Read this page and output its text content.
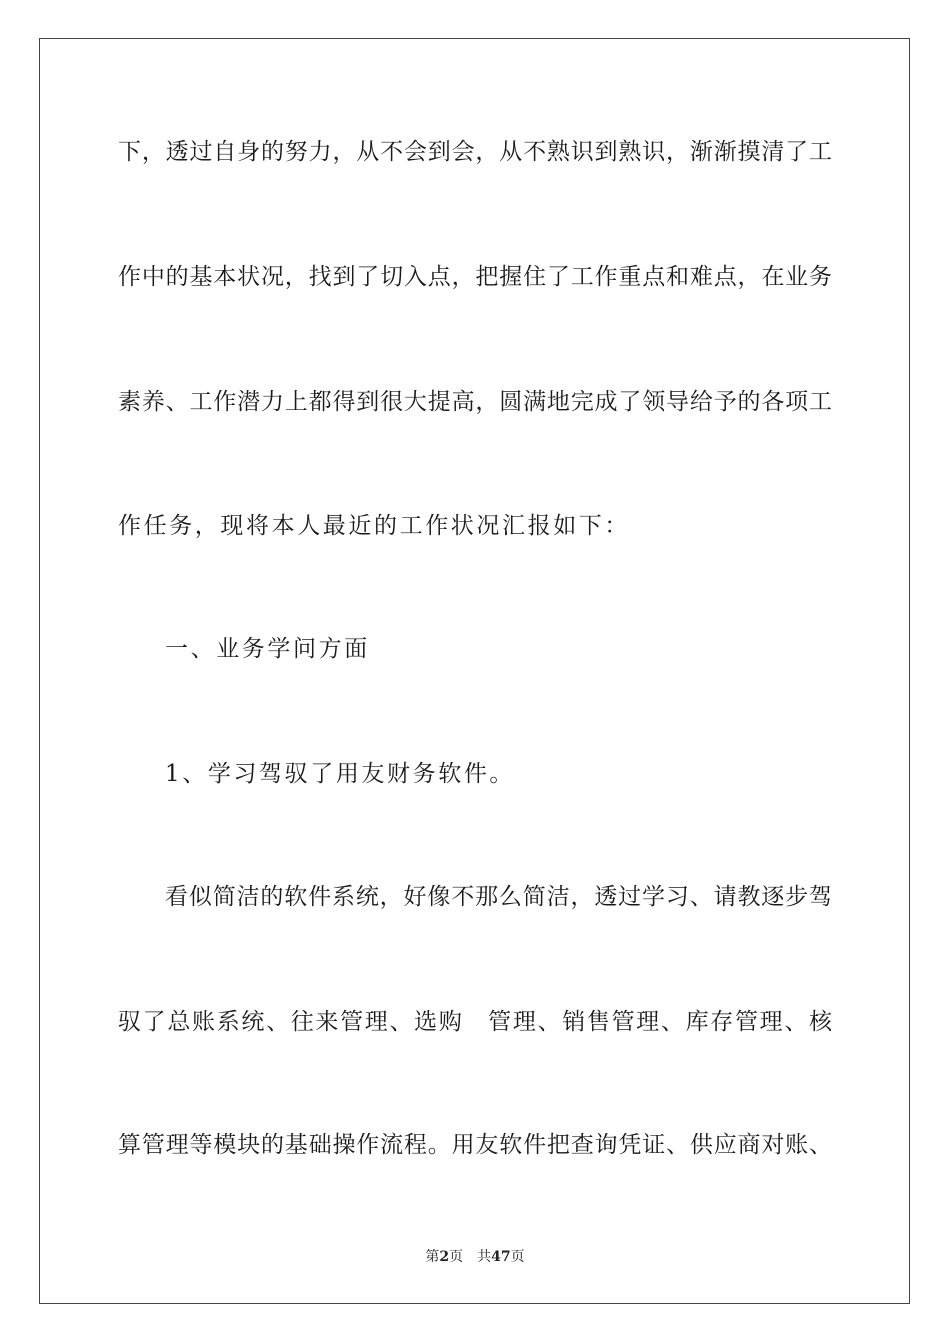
下，透过自身的努力，从不会到会，从不熟识到熟识，渐渐摸清了工
作中的基本状况，找到了切入点，把握住了工作重点和难点，在业务
素养、工作潜力上都得到很大提高，圆满地完成了领导给予的各项工
作任务，现将本人最近的工作状况汇报如下：
一、业务学问方面
1、学习驾驭了用友财务软件。
看似简洁的软件系统，好像不那么简洁，透过学习、请教逐步驾
驭了总账系统、往来管理、选购　管理、销售管理、库存管理、核
算管理等模块的基础操作流程。用友软件把查询凭证、供应商对账、
第2页 共47页
